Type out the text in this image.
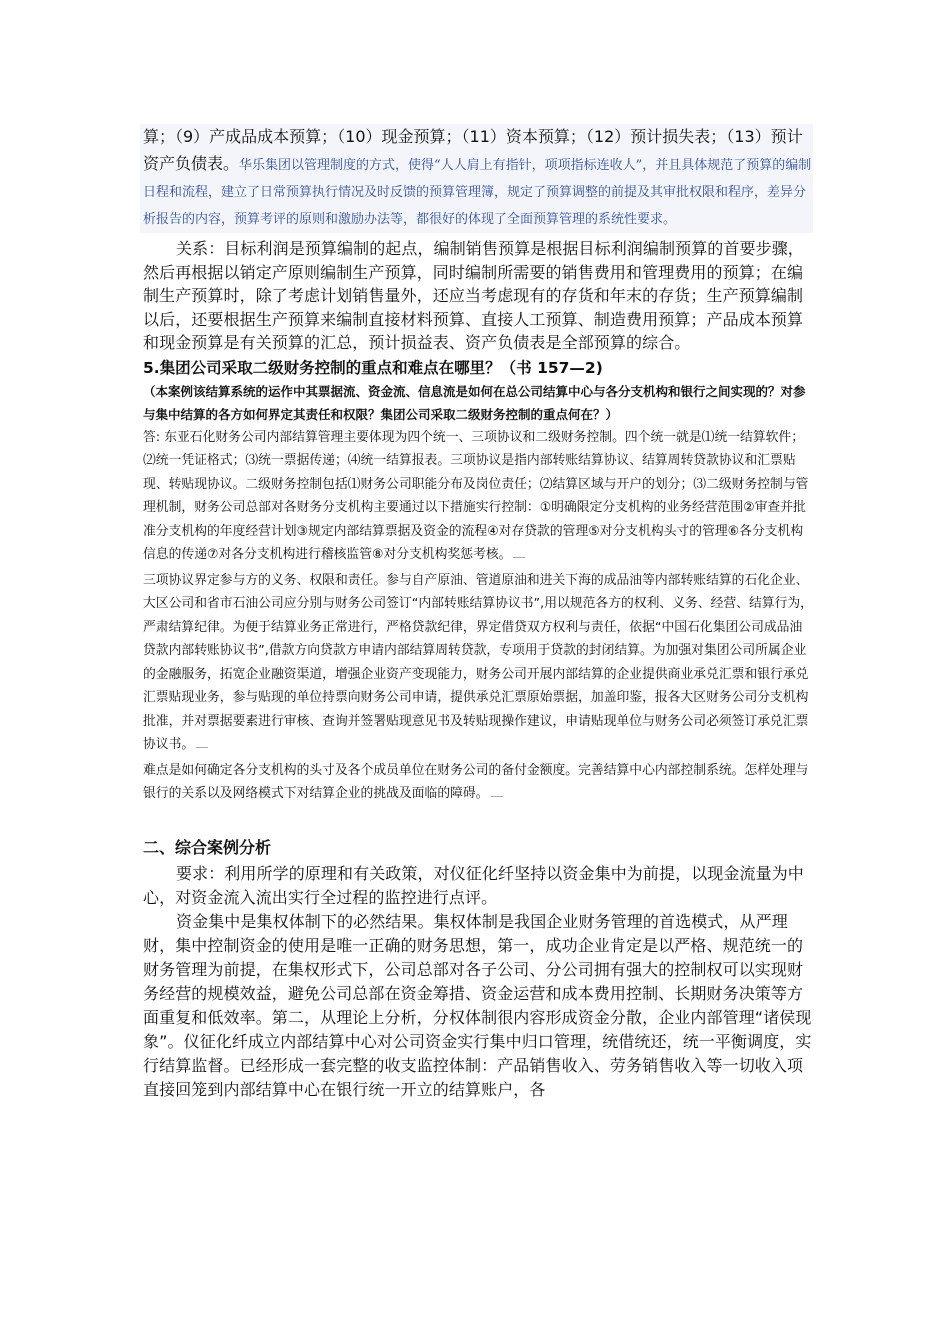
算；（9）产成品成本预算；（10）现金预算；（11）资本预算；（12）预计损失表；（13）预计资产负债表。华乐集团以管理制度的方式，使得“人人肩上有指针，项项指标连收人”，并且具体规范了预算的编制日程和流程，建立了日常预算执行情况及时反馈的预算管理簿，规定了预算调整的前提及其审批权限和程序，差异分析报告的内容，预算考评的原则和激励办法等，都很好的体现了全面预算管理的系统性要求。

关系：目标利润是预算编制的起点，编制销售预算是根据目标利润编制预算的首要步骤，然后再根据以销定产原则编制生产预算，同时编制所需要的销售费用和管理费用的预算；在编制生产预算时，除了考虑计划销售量外，还应当考虑现有的存货和年末的存货；生产预算编制以后，还要根据生产预算来编制直接材料预算、直接人工预算、制造费用预算；产品成本预算和现金预算是有关预算的汇总，预计损益表、资产负债表是全部预算的综合。

5.集团公司采取二级财务控制的重点和难点在哪里？（书 157—2)

（本案例该结算系统的运作中其票据流、资金流、信息流是如何在总公司结算中心与各分支机构和银行之间实现的？对参与集中结算的各方如何界定其责任和权限？集团公司采取二级财务控制的重点何在？）

答: 东亚石化财务公司内部结算管理主要体现为四个统一、三项协议和二级财务控制。四个统一就是⑴统一结算软件；⑵统一凭证格式；⑶统一票据传递；⑷统一结算报表。三项协议是指内部转账结算协议、结算周转贷款协议和汇票贴现、转贴现协议。二级财务控制包括⑴财务公司职能分布及岗位责任；⑵结算区域与开户的划分；⑶二级财务控制与管理机制，财务公司总部对各财务分支机构主要通过以下措施实行控制：①明确限定分支机构的业务经营范围②审查并批准分支机构的年度经营计划③规定内部结算票据及资金的流程④对存贷款的管理⑤对分支机构头寸的管理⑥各分支机构信息的传递⑦对各分支机构进行稽核监管⑧对分支机构奖惩考核。

三项协议界定参与方的义务、权限和责任。参与自产原油、管道原油和进关下海的成品油等内部转账结算的石化企业、大区公司和省市石油公司应分别与财务公司签订“内部转账结算协议书”,用以规范各方的权利、义务、经营、结算行为，严肃结算纪律。为便于结算业务正常进行，严格贷款纪律，界定借贷双方权利与责任，依据“中国石化集团公司成品油贷款内部转账协议书”,借款方向贷款方申请内部结算周转贷款，专项用于贷款的封闭结算。为加强对集团公司所属企业的金融服务，拓宽企业融资渠道，增强企业资产变现能力，财务公司开展内部结算的企业提供商业承兑汇票和银行承兑汇票贴现业务，参与贴现的单位持票向财务公司申请，提供承兑汇票原始票据，加盖印鉴，报各大区财务公司分支机构批准，并对票据要素进行审核、查询并签署贴现意见书及转贴现操作建议，申请贴现单位与财务公司必须签订承兑汇票协议书。

难点是如何确定各分支机构的头寸及各个成员单位在财务公司的备付金额度。完善结算中心内部控制系统。怎样处理与银行的关系以及网络模式下对结算企业的挑战及面临的障碍。

二、综合案例分析

要求：利用所学的原理和有关政策，对仪征化纤坚持以资金集中为前提，以现金流量为中心，对资金流入流出实行全过程的监控进行点评。

资金集中是集权体制下的必然结果。集权体制是我国企业财务管理的首选模式，从严理财，集中控制资金的使用是唯一正确的财务思想，第一，成功企业肯定是以严格、规范统一的财务管理为前提，在集权形式下，公司总部对各子公司、分公司拥有强大的控制权可以实现财务经营的规模效益，避免公司总部在资金筹措、资金运营和成本费用控制、长期财务决策等方面重复和低效率。第二，从理论上分析，分权体制很内容形成资金分散，企业内部管理“诸侯现象”。仪征化纤成立内部结算中心对公司资金实行集中归口管理，统借统还，统一平衡调度，实行结算监督。已经形成一套完整的收支监控体制：产品销售收入、劳务销售收入等一切收入项直接回笼到内部结算中心在银行统一开立的结算账户，各
